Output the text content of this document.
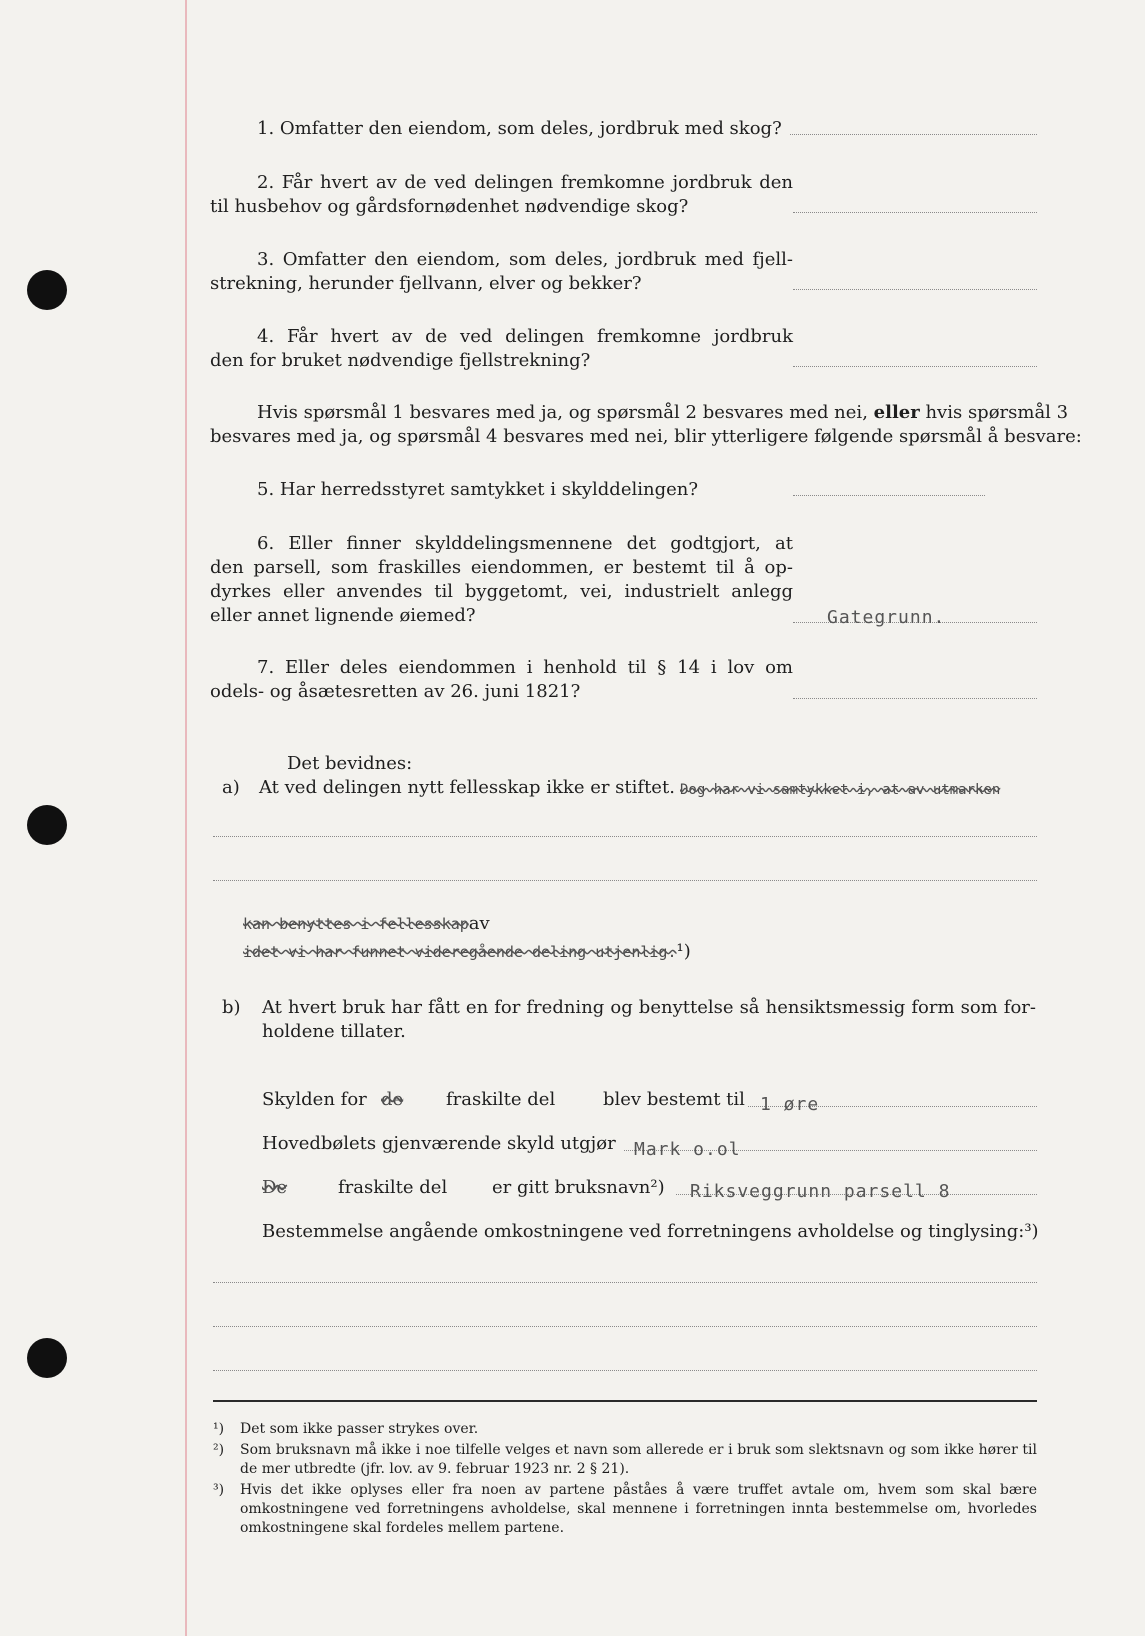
1. Omfatter den eiendom, som deles, jordbruk med skog?
2. Får hvert av de ved delingen fremkomne jordbruk den
til husbehov og gårdsfornødenhet nødvendige skog?
3. Omfatter den eiendom, som deles, jordbruk med fjell-
strekning, herunder fjellvann, elver og bekker?
4. Får hvert av de ved delingen fremkomne jordbruk
den for bruket nødvendige fjellstrekning?
Hvis spørsmål 1 besvares med ja, og spørsmål 2 besvares med nei, eller hvis spørsmål 3
besvares med ja, og spørsmål 4 besvares med nei, blir ytterligere følgende spørsmål å besvare:
5. Har herredsstyret samtykket i skylddelingen?
6. Eller finner skylddelingsmennene det godtgjort, at
den parsell, som fraskilles eiendommen, er bestemt til å op-
dyrkes eller anvendes til byggetomt, vei, industrielt anlegg
eller annet lignende øiemed?	Gategrunn.
7. Eller deles eiendommen i henhold til § 14 i lov om
odels- og åsætesretten av 26. juni 1821?
Det bevidnes:
a) At ved delingen nytt fellesskap ikke er stiftet. Dog har vi samtykket i, at av utmarken
kan benyttes i fellesskapav
idet vi har funnet videregående deling utjenlig.¹)
b) At hvert bruk har fått en for fredning og benyttelse så hensiktsmessig form som for-
holdene tillater.
Skylden for de fraskilte del	blev bestemt til 1 øre
Hovedbølets gjenværende skyld utgjør Mark o.ol
De	fraskilte del er gitt bruksnavn²) Riksveggrunn parsell 8
Bestemmelse angående omkostningene ved forretningens avholdelse og tinglysing:³)
¹)	Det som ikke passer strykes over.
²)	Som bruksnavn må ikke i noe tilfelle velges et navn som allerede er i bruk som slektsnavn og som ikke hører til de mer utbredte (jfr. lov. av 9. februar 1923 nr. 2 § 21).
³)	Hvis det ikke oplyses eller fra noen av partene påståes å være truffet avtale om, hvem som skal bære omkostningene ved forretningens avholdelse, skal mennene i forretningen innta bestemmelse om, hvorledes omkostningene skal fordeles mellem partene.
